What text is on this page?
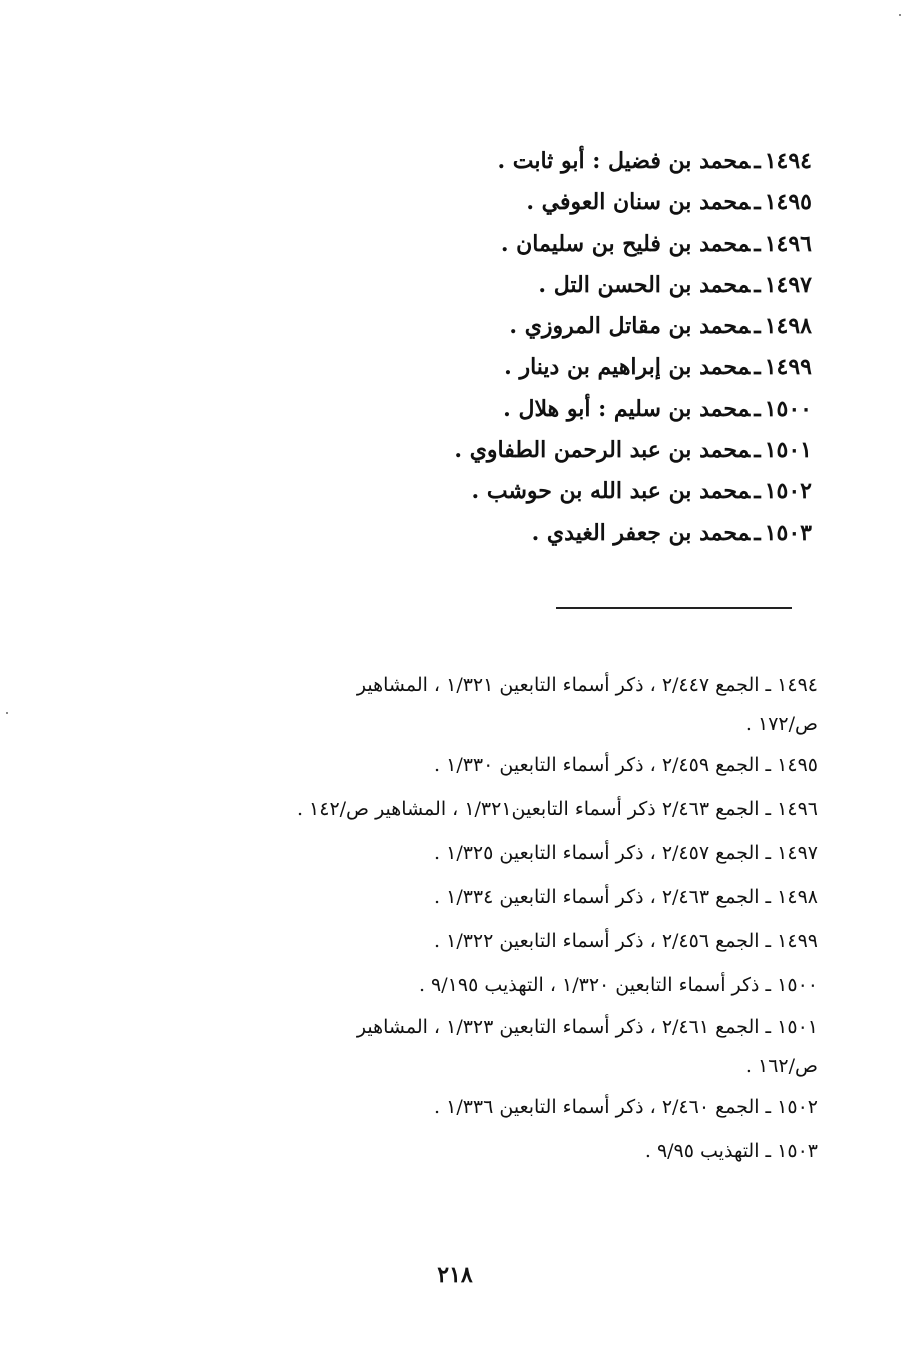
١٤٩٤ـمحمد بن فضيل : أبو ثابت .
١٤٩٥ـمحمد بن سنان العوفي .
١٤٩٦ـمحمد بن فليح بن سليمان .
١٤٩٧ـمحمد بن الحسن التل .
١٤٩٨ـمحمد بن مقاتل المروزي .
١٤٩٩ـمحمد بن إبراهيم بن دينار .
١٥٠٠ـمحمد بن سليم : أبو هلال .
١٥٠١ـمحمد بن عبد الرحمن الطفاوي .
١٥٠٢ـمحمد بن عبد الله بن حوشب .
١٥٠٣ـمحمد بن جعفر الغيدي .
١٤٩٤ ـ الجمع ٢/٤٤٧ ، ذكر أسماء التابعين ١/٣٢١ ، المشاهير
ص/١٧٢ .
١٤٩٥ ـ الجمع ٢/٤٥٩ ، ذكر أسماء التابعين ١/٣٣٠ .
١٤٩٦ ـ الجمع ٢/٤٦٣ ذكر أسماء التابعين١/٣٢١ ، المشاهير ص/١٤٢ .
١٤٩٧ ـ الجمع ٢/٤٥٧ ، ذكر أسماء التابعين ١/٣٢٥ .
١٤٩٨ ـ الجمع ٢/٤٦٣ ، ذكر أسماء التابعين ١/٣٣٤ .
١٤٩٩ ـ الجمع ٢/٤٥٦ ، ذكر أسماء التابعين ١/٣٢٢ .
١٥٠٠ ـ ذكر أسماء التابعين ١/٣٢٠ ، التهذيب ٩/١٩٥ .
١٥٠١ ـ الجمع ٢/٤٦١ ، ذكر أسماء التابعين ١/٣٢٣ ، المشاهير
ص/١٦٢ .
١٥٠٢ ـ الجمع ٢/٤٦٠ ، ذكر أسماء التابعين ١/٣٣٦ .
١٥٠٣ ـ التهذيب ٩/٩٥ .
٢١٨
